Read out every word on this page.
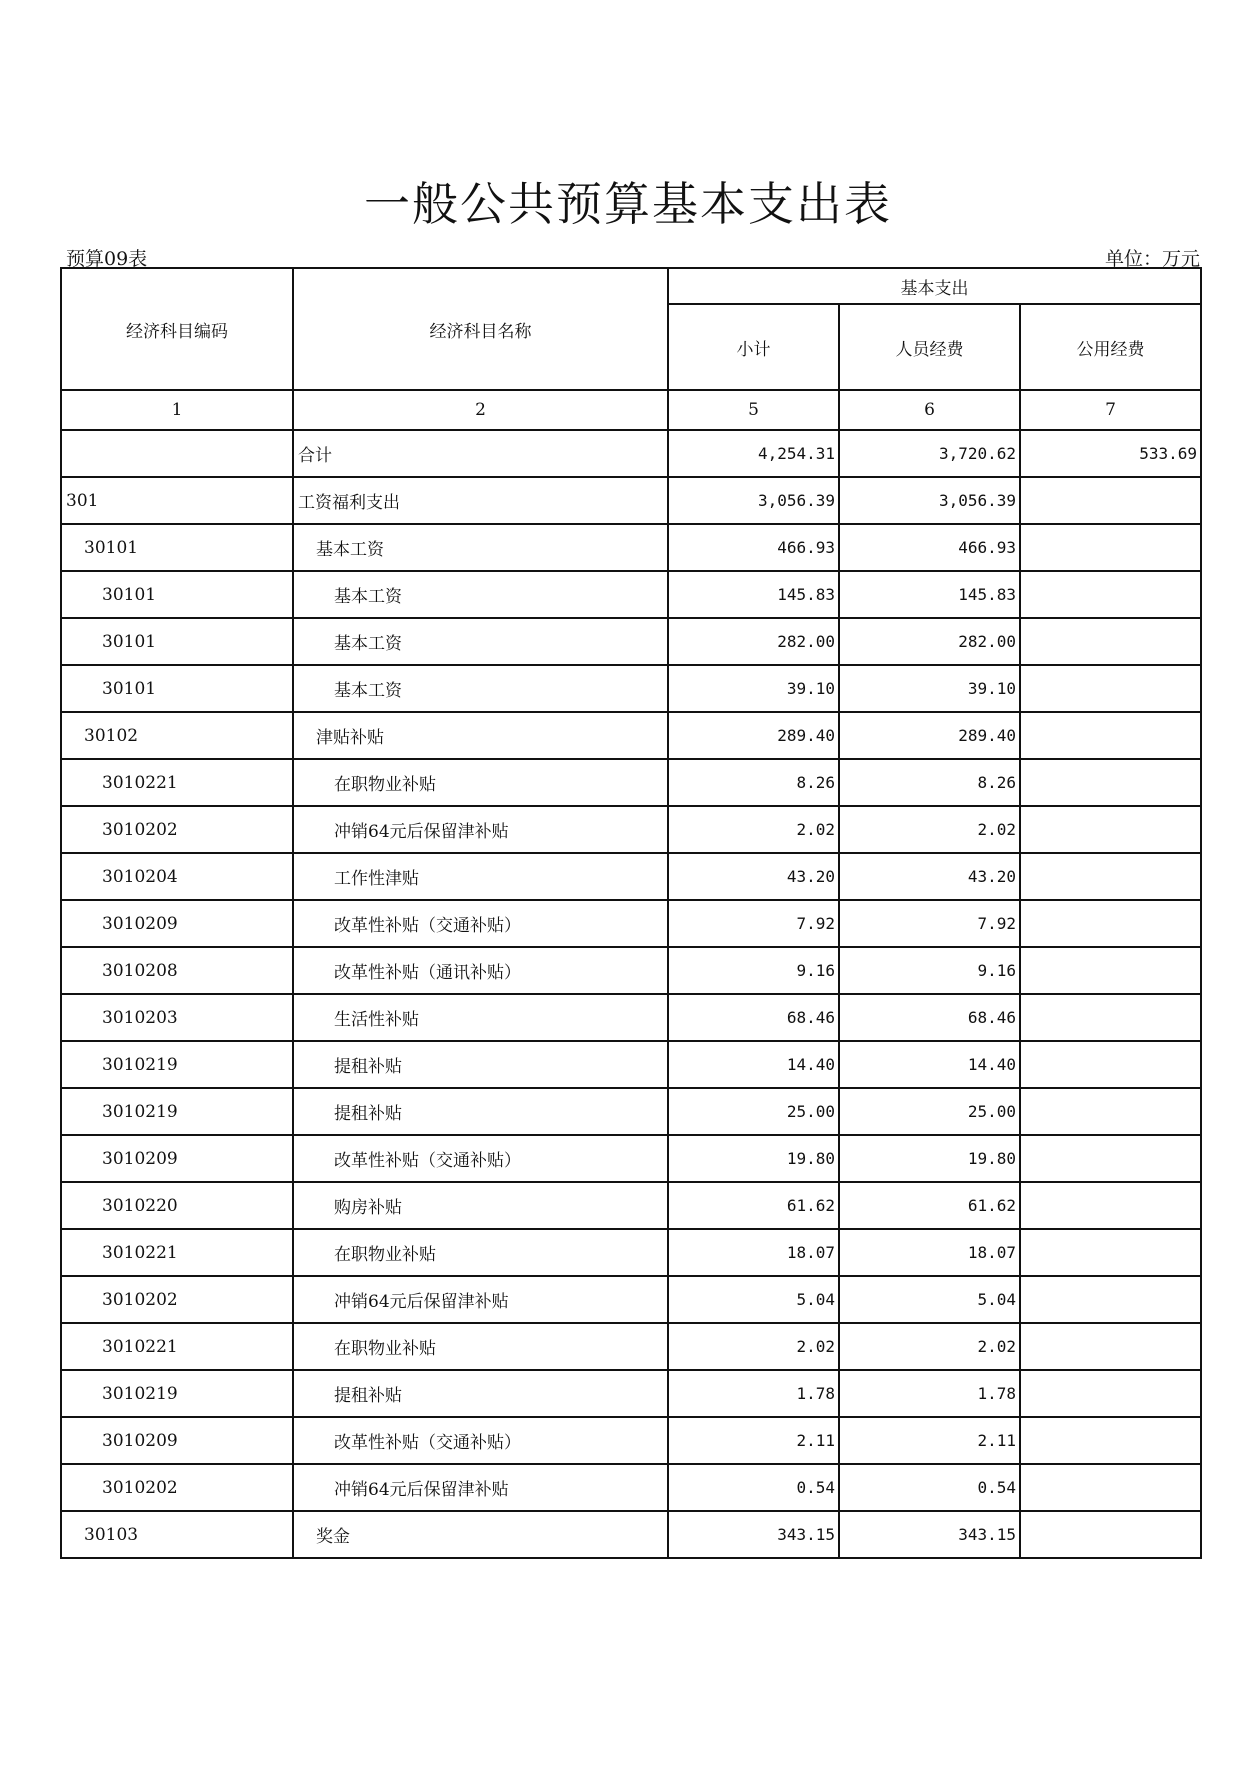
一般公共预算基本支出表
预算09表	单位：万元
经济科目编码	经济科目名称	基本支出		
		小计	人员经费	公用经费
1	2	5	6	7
	合计	4,254.31	3,720.62	533.69
301	工资福利支出	3,056.39	3,056.39	
30101	基本工资	466.93	466.93	
30101	基本工资	145.83	145.83	
30101	基本工资	282.00	282.00	
30101	基本工资	39.10	39.10	
30102	津贴补贴	289.40	289.40	
3010221	在职物业补贴	8.26	8.26	
3010202	冲销64元后保留津补贴	2.02	2.02	
3010204	工作性津贴	43.20	43.20	
3010209	改革性补贴（交通补贴）	7.92	7.92	
3010208	改革性补贴（通讯补贴）	9.16	9.16	
3010203	生活性补贴	68.46	68.46	
3010219	提租补贴	14.40	14.40	
3010219	提租补贴	25.00	25.00	
3010209	改革性补贴（交通补贴）	19.80	19.80	
3010220	购房补贴	61.62	61.62	
3010221	在职物业补贴	18.07	18.07	
3010202	冲销64元后保留津补贴	5.04	5.04	
3010221	在职物业补贴	2.02	2.02	
3010219	提租补贴	1.78	1.78	
3010209	改革性补贴（交通补贴）	2.11	2.11	
3010202	冲销64元后保留津补贴	0.54	0.54	
30103	奖金	343.15	343.15	
